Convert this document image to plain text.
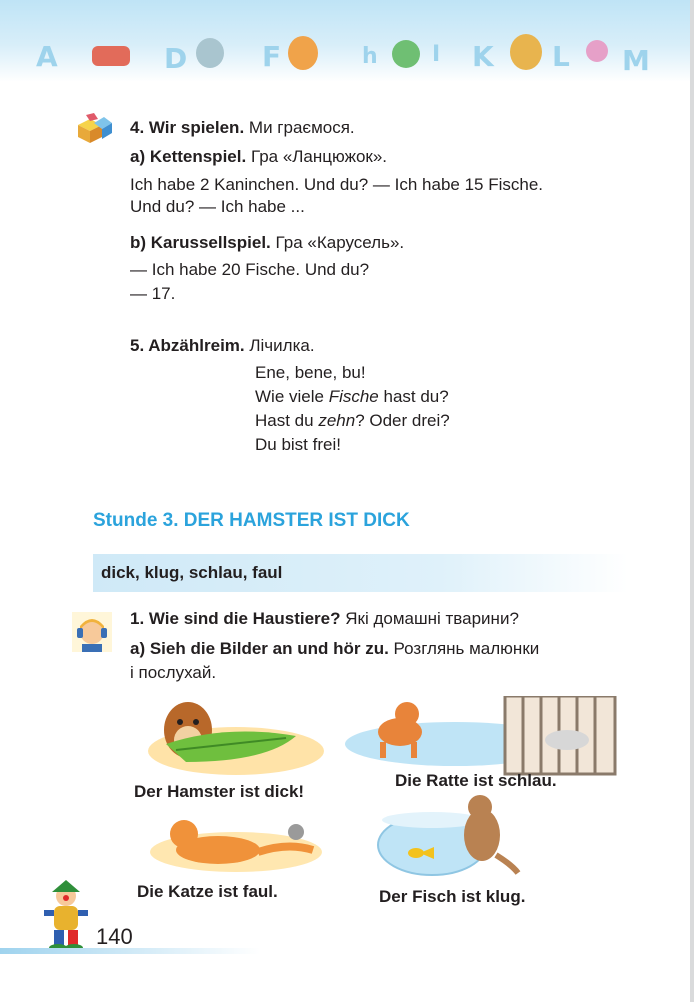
A	D	F	h I K L M
4. Wir spielen. Ми граємося.
a) Kettenspiel. Гра «Ланцюжок».
Ich habe 2 Kaninchen. Und du? — Ich habe 15 Fische.
Und du? — Ich habe ...
b) Karussellspiel. Гра «Карусель».
— Ich habe 20 Fische. Und du?
— 17.
5. Abzählreim. Лічилка.
Ene, bene, bu!
Wie viele Fische hast du?
Hast du zehn? Oder drei?
Du bist frei!
Stunde 3. DER HAMSTER IST DICK
dick, klug, schlau, faul
1. Wie sind die Haustiere? Які домашні тварини?
a) Sieh die Bilder an und hör zu. Розглянь малюнки
і послухай.
Der Hamster ist dick!
Die Ratte ist schlau.
Die Katze ist faul.	Der Fisch ist klug.
140
